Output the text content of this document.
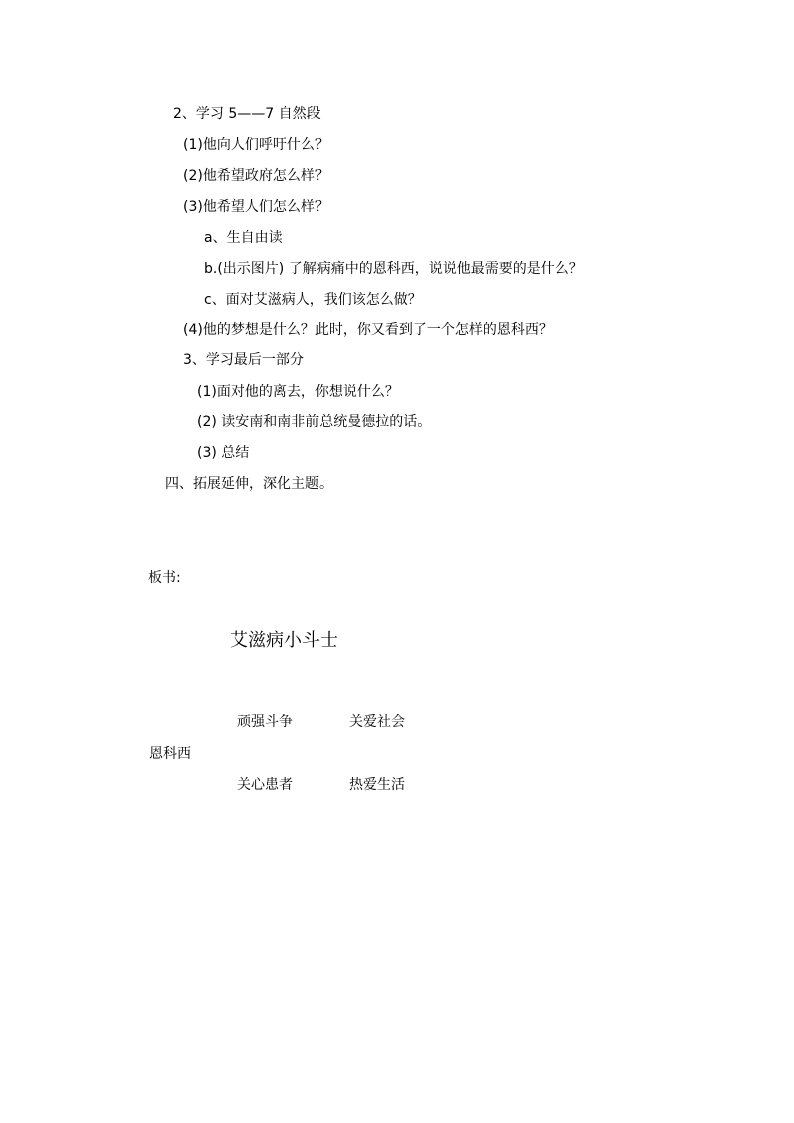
2、学习 5——7 自然段
(1)他向人们呼吁什么？
(2)他希望政府怎么样？
(3)他希望人们怎么样？
a、生自由读
b.(出示图片) 了解病痛中的恩科西，说说他最需要的是什么？
c、面对艾滋病人，我们该怎么做？
(4)他的梦想是什么？此时，你又看到了一个怎样的恩科西？
3、学习最后一部分
(1)面对他的离去，你想说什么？
(2) 读安南和南非前总统曼德拉的话。
(3) 总结
四、拓展延伸，深化主题。
板书:
艾滋病小斗士
顽强斗争	关爱社会
恩科西
关心患者	热爱生活
